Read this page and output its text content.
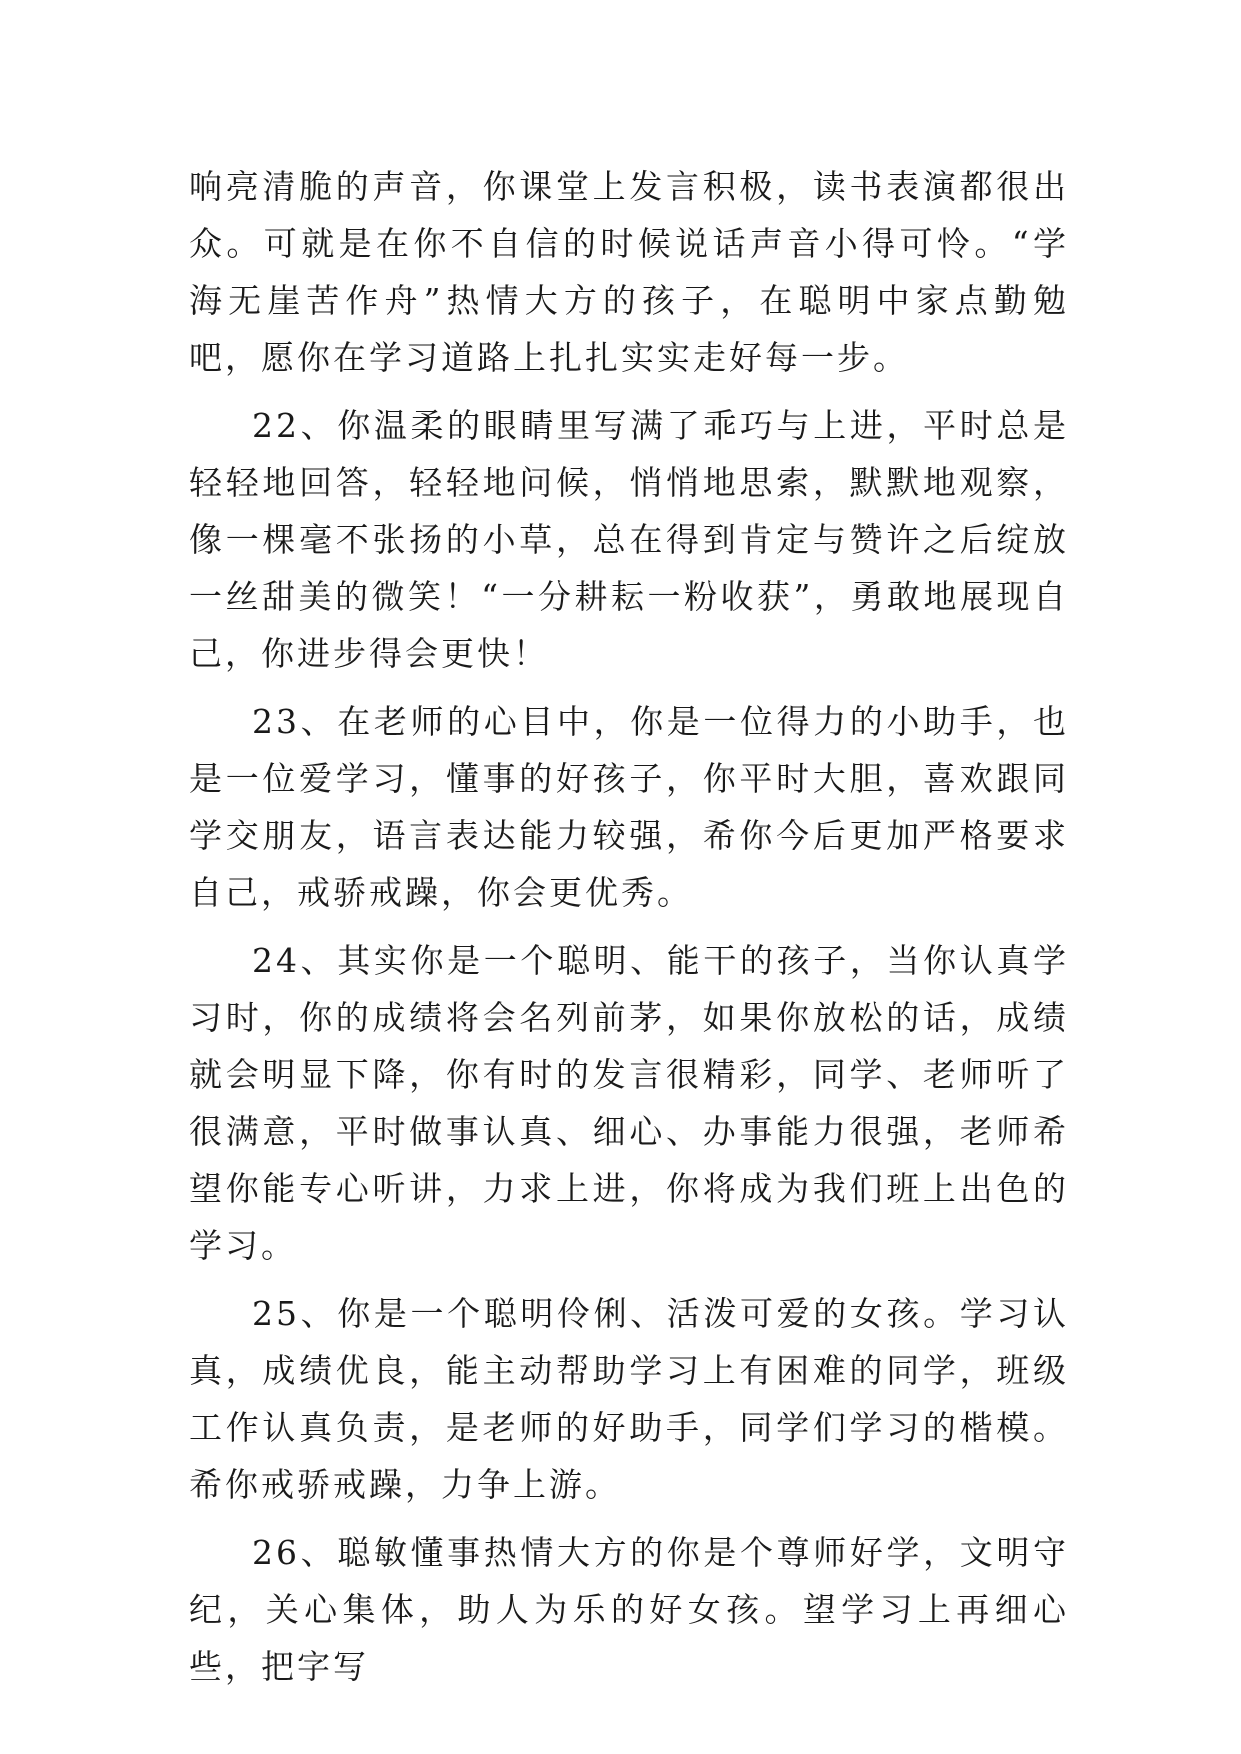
响亮清脆的声音，你课堂上发言积极，读书表演都很出众。可就是在你不自信的时候说话声音小得可怜。“学海无崖苦作舟”热情大方的孩子，在聪明中家点勤勉吧，愿你在学习道路上扎扎实实走好每一步。

22、你温柔的眼睛里写满了乖巧与上进，平时总是轻轻地回答，轻轻地问候，悄悄地思索，默默地观察，像一棵毫不张扬的小草，总在得到肯定与赞许之后绽放一丝甜美的微笑！“一分耕耘一粉收获”，勇敢地展现自己，你进步得会更快！

23、在老师的心目中，你是一位得力的小助手，也是一位爱学习，懂事的好孩子，你平时大胆，喜欢跟同学交朋友，语言表达能力较强，希你今后更加严格要求自己，戒骄戒躁，你会更优秀。

24、其实你是一个聪明、能干的孩子，当你认真学习时，你的成绩将会名列前茅，如果你放松的话，成绩就会明显下降，你有时的发言很精彩，同学、老师听了很满意，平时做事认真、细心、办事能力很强，老师希望你能专心听讲，力求上进，你将成为我们班上出色的学习。

25、你是一个聪明伶俐、活泼可爱的女孩。学习认真，成绩优良，能主动帮助学习上有困难的同学，班级工作认真负责，是老师的好助手，同学们学习的楷模。希你戒骄戒躁，力争上游。

26、聪敏懂事热情大方的你是个尊师好学，文明守纪，关心集体，助人为乐的好女孩。望学习上再细心些，把字写
